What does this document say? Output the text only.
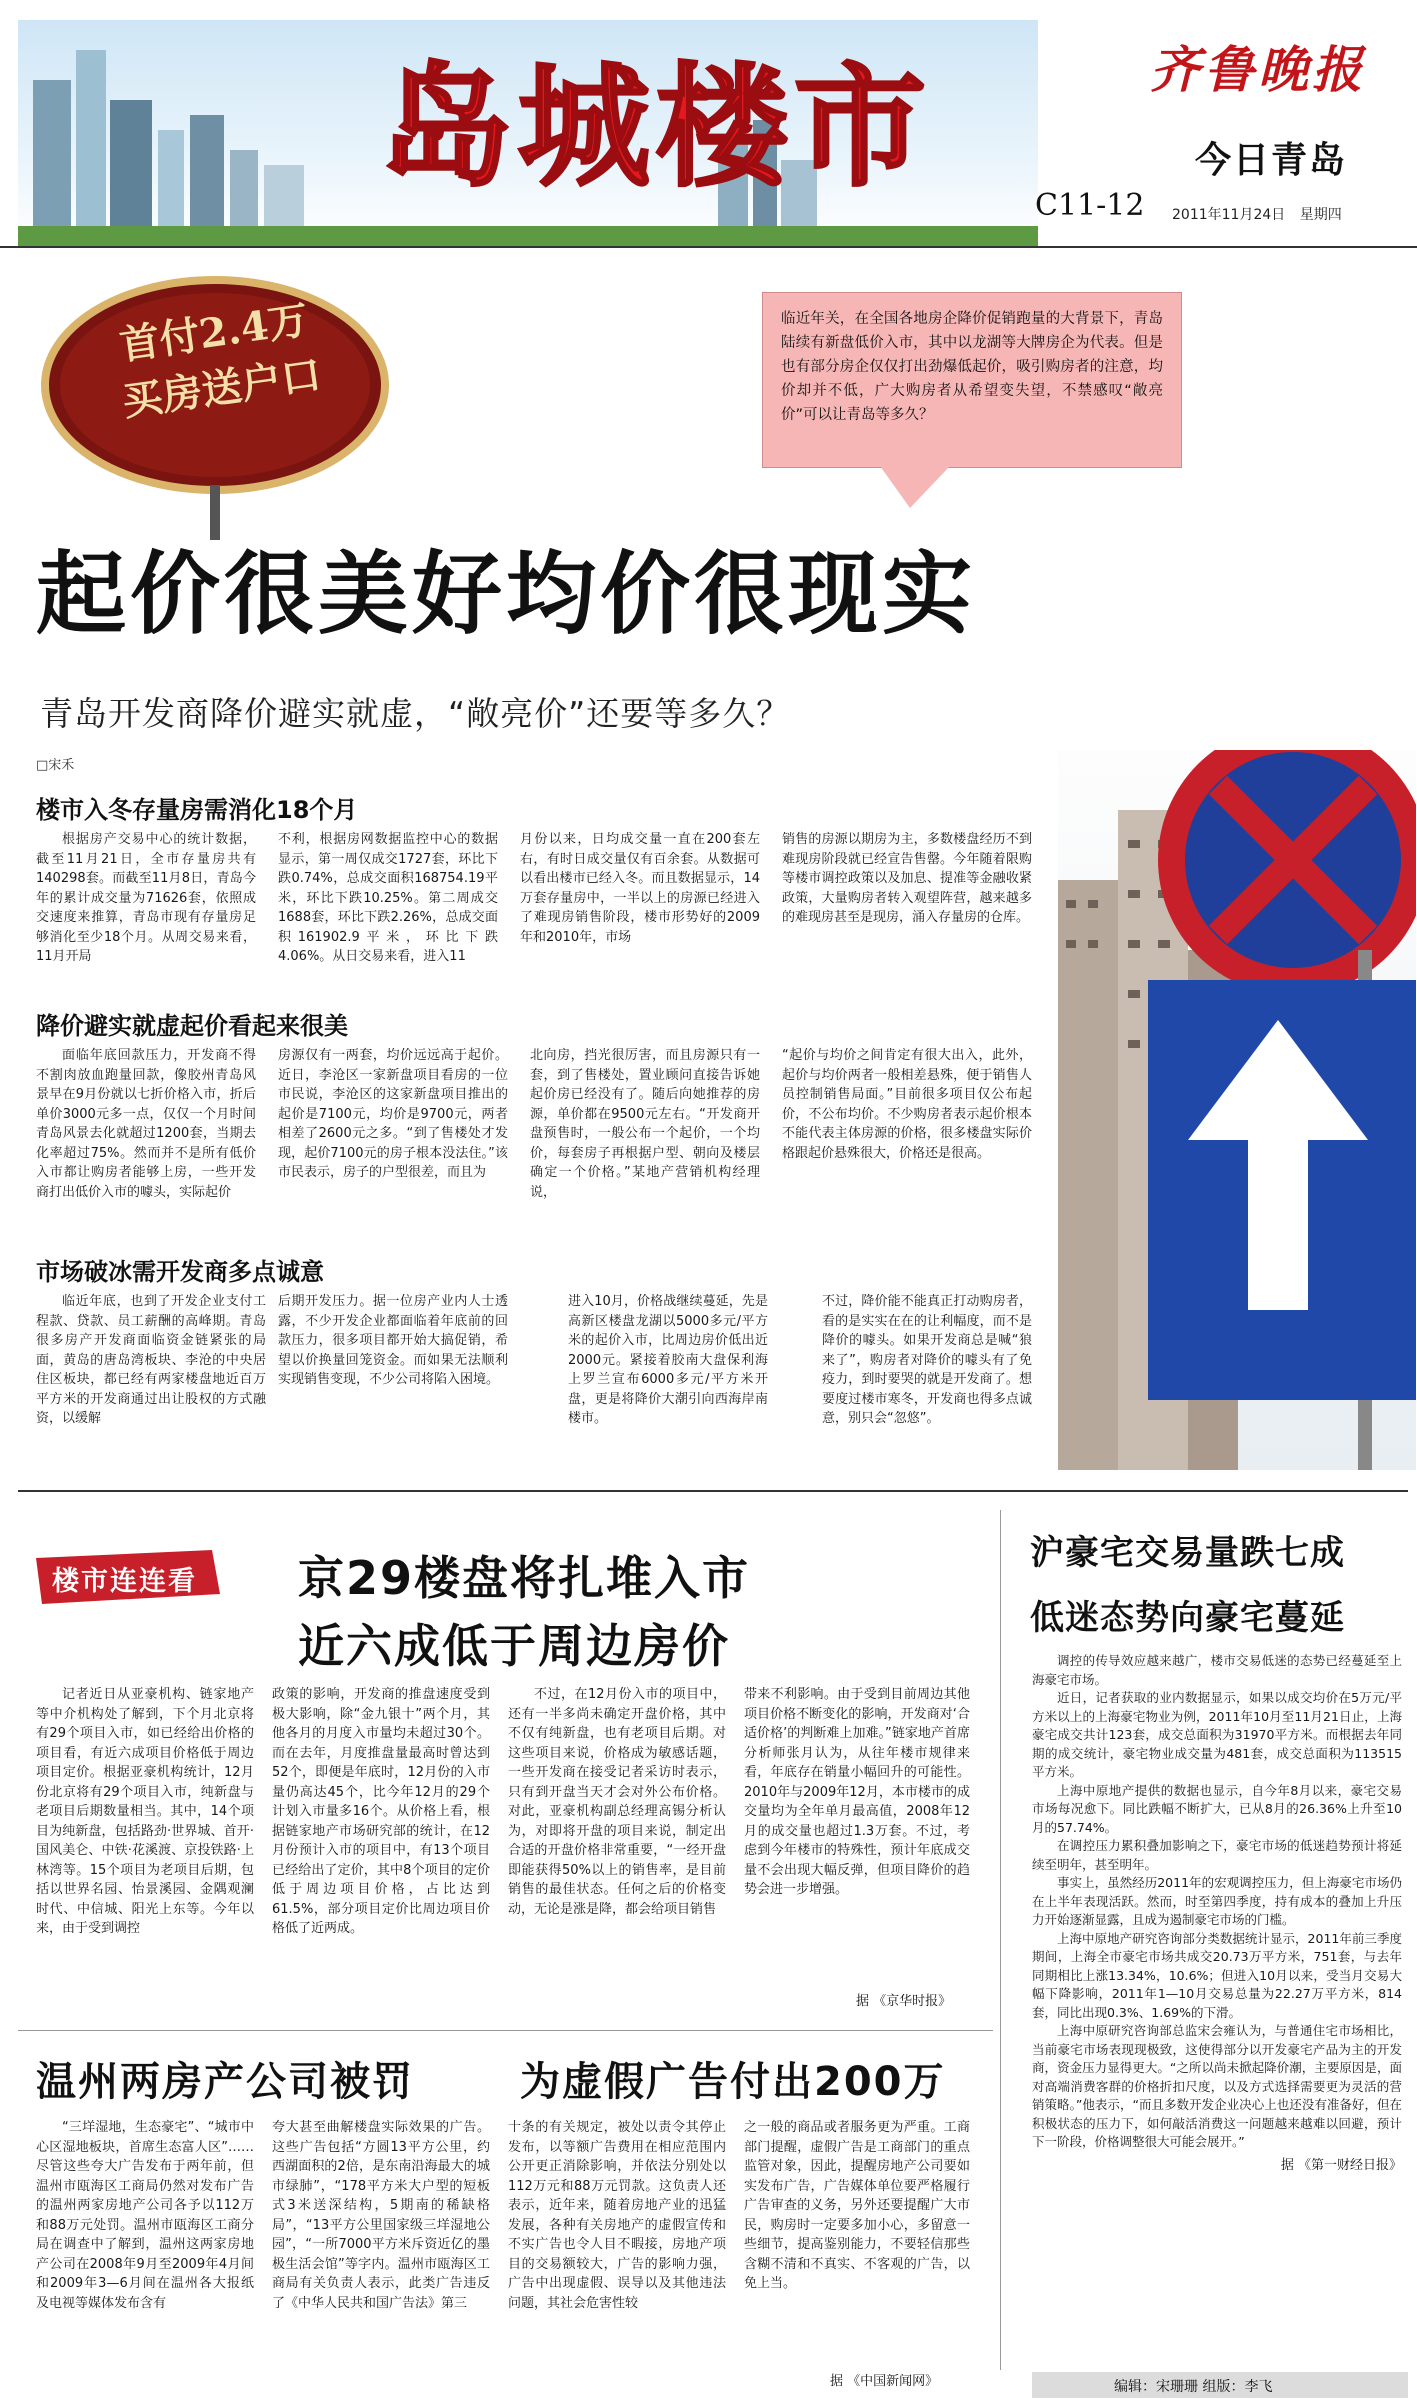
岛城楼市
C11-12
齐鲁晚报
今日青岛
2011年11月24日 星期四
首付2.4万
买房送户口
临近年关，在全国各地房企降价促销跑量的大背景下，青岛陆续有新盘低价入市，其中以龙湖等大牌房企为代表。但是也有部分房企仅仅打出劲爆低起价，吸引购房者的注意，均价却并不低，广大购房者从希望变失望，不禁感叹“敞亮价”可以让青岛等多久？
起价很美好均价很现实
青岛开发商降价避实就虚，“敞亮价”还要等多久？
□宋禾
楼市入冬存量房需消化18个月
根据房产交易中心的统计数据，截至11月21日，全市存量房共有140298套。而截至11月8日，青岛今年的累计成交量为71626套，依照成交速度来推算，青岛市现有存量房足够消化至少18个月。从周交易来看，11月开局
不利，根据房网数据监控中心的数据显示，第一周仅成交1727套，环比下跌0.74%，总成交面积168754.19平米，环比下跌10.25%。第二周成交1688套，环比下跌2.26%，总成交面积161902.9平米，环比下跌4.06%。从日交易来看，进入11
月份以来，日均成交量一直在200套左右，有时日成交量仅有百余套。从数据可以看出楼市已经入冬。而且数据显示，14万套存量房中，一半以上的房源已经进入了难现房销售阶段，楼市形势好的2009年和2010年，市场
销售的房源以期房为主，多数楼盘经历不到难现房阶段就已经宣告售罄。今年随着限购等楼市调控政策以及加息、提准等金融收紧政策，大量购房者转入观望阵营，越来越多的难现房甚至是现房，涌入存量房的仓库。
降价避实就虚起价看起来很美
面临年底回款压力，开发商不得不割肉放血跑量回款，像胶州青岛风景早在9月份就以七折价格入市，折后单价3000元多一点，仅仅一个月时间青岛风景去化就超过1200套，当期去化率超过75%。然而并不是所有低价入市都让购房者能够上房，一些开发商打出低价入市的噱头，实际起价
房源仅有一两套，均价远远高于起价。近日，李沧区一家新盘项目看房的一位市民说，李沧区的这家新盘项目推出的起价是7100元，均价是9700元，两者相差了2600元之多。“到了售楼处才发现，起价7100元的房子根本没法住。”该市民表示，房子的户型很差，而且为
北向房，挡光很厉害，而且房源只有一套，到了售楼处，置业顾问直接告诉她起价房已经没有了。随后向她推荐的房源，单价都在9500元左右。“开发商开盘预售时，一般公布一个起价，一个均价，每套房子再根据户型、朝向及楼层确定一个价格。”某地产营销机构经理说，
“起价与均价之间肯定有很大出入，此外，起价与均价两者一般相差悬殊，便于销售人员控制销售局面。”目前很多项目仅公布起价，不公布均价。不少购房者表示起价根本不能代表主体房源的价格，很多楼盘实际价格跟起价悬殊很大，价格还是很高。
市场破冰需开发商多点诚意
临近年底，也到了开发企业支付工程款、贷款、员工薪酬的高峰期。青岛很多房产开发商面临资金链紧张的局面，黄岛的唐岛湾板块、李沧的中央居住区板块，都已经有两家楼盘地近百万平方米的开发商通过出让股权的方式融资，以缓解
后期开发压力。据一位房产业内人士透露，不少开发企业都面临着年底前的回款压力，很多项目都开始大搞促销，希望以价换量回笼资金。而如果无法顺利实现销售变现，不少公司将陷入困境。
进入10月，价格战继续蔓延，先是高新区楼盘龙湖以5000多元/平方米的起价入市，比周边房价低出近2000元。紧接着胶南大盘保利海上罗兰宣布6000多元/平方米开盘，更是将降价大潮引向西海岸南楼市。
不过，降价能不能真正打动购房者，看的是实实在在的让利幅度，而不是降价的噱头。如果开发商总是喊“狼来了”，购房者对降价的噱头有了免疫力，到时要哭的就是开发商了。想要度过楼市寒冬，开发商也得多点诚意，别只会“忽悠”。
楼市连连看 京29楼盘将扎堆入市
近六成低于周边房价
记者近日从亚豪机构、链家地产等中介机构处了解到，下个月北京将有29个项目入市，如已经给出价格的项目看，有近六成项目价格低于周边项目定价。根据亚豪机构统计，12月份北京将有29个项目入市，纯新盘与老项目后期数量相当。其中，14个项目为纯新盘，包括路劲·世界城、首开·国风美仑、中铁·花溪渡、京投铁路·上林湾等。15个项目为老项目后期，包括以世界名园、怡景溪园、金隅观澜时代、中信城、阳光上东等。今年以来，由于受到调控
政策的影响，开发商的推盘速度受到极大影响，除“金九银十”两个月，其他各月的月度入市量均未超过30个。而在去年，月度推盘量最高时曾达到52个，即便是年底时，12月份的入市量仍高达45个，比今年12月的29个计划入市量多16个。从价格上看，根据链家地产市场研究部的统计，在12月份预计入市的项目中，有13个项目已经给出了定价，其中8个项目的定价低于周边项目价格，占比达到61.5%，部分项目定价比周边项目价格低了近两成。
不过，在12月份入市的项目中，还有一半多尚未确定开盘价格，其中不仅有纯新盘，也有老项目后期。对这些项目来说，价格成为敏感话题，一些开发商在接受记者采访时表示，只有到开盘当天才会对外公布价格。对此，亚豪机构副总经理高锡分析认为，对即将开盘的项目来说，制定出合适的开盘价格非常重要，“一经开盘即能获得50%以上的销售率，是目前销售的最佳状态。任何之后的价格变动，无论是涨是降，都会给项目销售
带来不利影响。由于受到目前周边其他项目价格不断变化的影响，开发商对‘合适价格’的判断难上加难。”链家地产首席分析师张月认为，从往年楼市规律来看，年底存在销量小幅回升的可能性。2010年与2009年12月，本市楼市的成交量均为全年单月最高值，2008年12月的成交量也超过1.3万套。不过，考虑到今年楼市的特殊性，预计年底成交量不会出现大幅反弹，但项目降价的趋势会进一步增强。
据 《京华时报》
沪豪宅交易量跌七成
低迷态势向豪宅蔓延

调控的传导效应越来越广，楼市交易低迷的态势已经蔓延至上海豪宅市场。

近日，记者获取的业内数据显示，如果以成交均价在5万元/平方米以上的上海豪宅物业为例，2011年10月至11月21日止，上海豪宅成交共计123套，成交总面积为31970平方米。而根据去年同期的成交统计，豪宅物业成交量为481套，成交总面积为113515平方米。

上海中原地产提供的数据也显示，自今年8月以来，豪宅交易市场每况愈下。同比跌幅不断扩大，已从8月的26.36%上升至10月的57.74%。

在调控压力累积叠加影响之下，豪宅市场的低迷趋势预计将延续至明年，甚至明年。

事实上，虽然经历2011年的宏观调控压力，但上海豪宅市场仍在上半年表现活跃。然而，时至第四季度，持有成本的叠加上升压力开始逐渐显露，且成为遏制豪宅市场的门槛。

上海中原地产研究咨询部分类数据统计显示，2011年前三季度期间，上海全市豪宅市场共成交20.73万平方米，751套，与去年同期相比上涨13.34%，10.6%；但进入10月以来，受当月交易大幅下降影响，2011年1—10月交易总量为22.27万平方米，814套，同比出现0.3%、1.69%的下滑。

上海中原研究咨询部总监宋会雍认为，与普通住宅市场相比，当前豪宅市场表现现极致，这使得部分以开发豪宅产品为主的开发商，资金压力显得更大。“之所以尚未掀起降价潮，主要原因是，面对高端消费客群的价格折扣尺度，以及方式选择需要更为灵活的营销策略。”他表示，“而且多数开发企业决心上也还没有准备好，但在积极状态的压力下，如何敲活消费这一问题越来越难以回避，预计下一阶段，价格调整很大可能会展开。”

据 《第一财经日报》
温州两房产公司被罚	为虚假广告付出200万
“三垟湿地，生态豪宅”、“城市中心区湿地板块，首席生态富人区”……尽管这些夸大广告发布于两年前，但温州市瓯海区工商局仍然对发布广告的温州两家房地产公司各予以112万和88万元处罚。温州市瓯海区工商分局在调查中了解到，温州这两家房地产公司在2008年9月至2009年4月间和2009年3—6月间在温州各大报纸及电视等媒体发布含有
夸大甚至曲解楼盘实际效果的广告。这些广告包括“方圆13平方公里，约西湖面积的2倍，是东南沿海最大的城市绿肺”，“178平方米大户型的短板式3米送深结构，5期南的稀缺格局”，“13平方公里国家级三垟湿地公园”，“一所7000平方米斥资近亿的墨极生活会馆”等字内。温州市瓯海区工商局有关负责人表示，此类广告违反了《中华人民共和国广告法》第三
十条的有关规定，被处以责令其停止发布，以等额广告费用在相应范围内公开更正消除影响，并依法分别处以112万元和88万元罚款。这负责人还表示，近年来，随着房地产业的迅猛发展，各种有关房地产的虚假宣传和不实广告也令人目不暇接，房地产项目的交易额较大，广告的影响力强，广告中出现虚假、误导以及其他违法问题，其社会危害性较
之一般的商品或者服务更为严重。工商部门提醒，虚假广告是工商部门的重点监管对象，因此，提醒房地产公司要如实发布广告，广告媒体单位要严格履行广告审查的义务，另外还要提醒广大市民，购房时一定要多加小心，多留意一些细节，提高鉴别能力，不要轻信那些含糊不清和不真实、不客观的广告，以免上当。
据 《中国新闻网》	编辑：宋珊珊 组版：李飞
